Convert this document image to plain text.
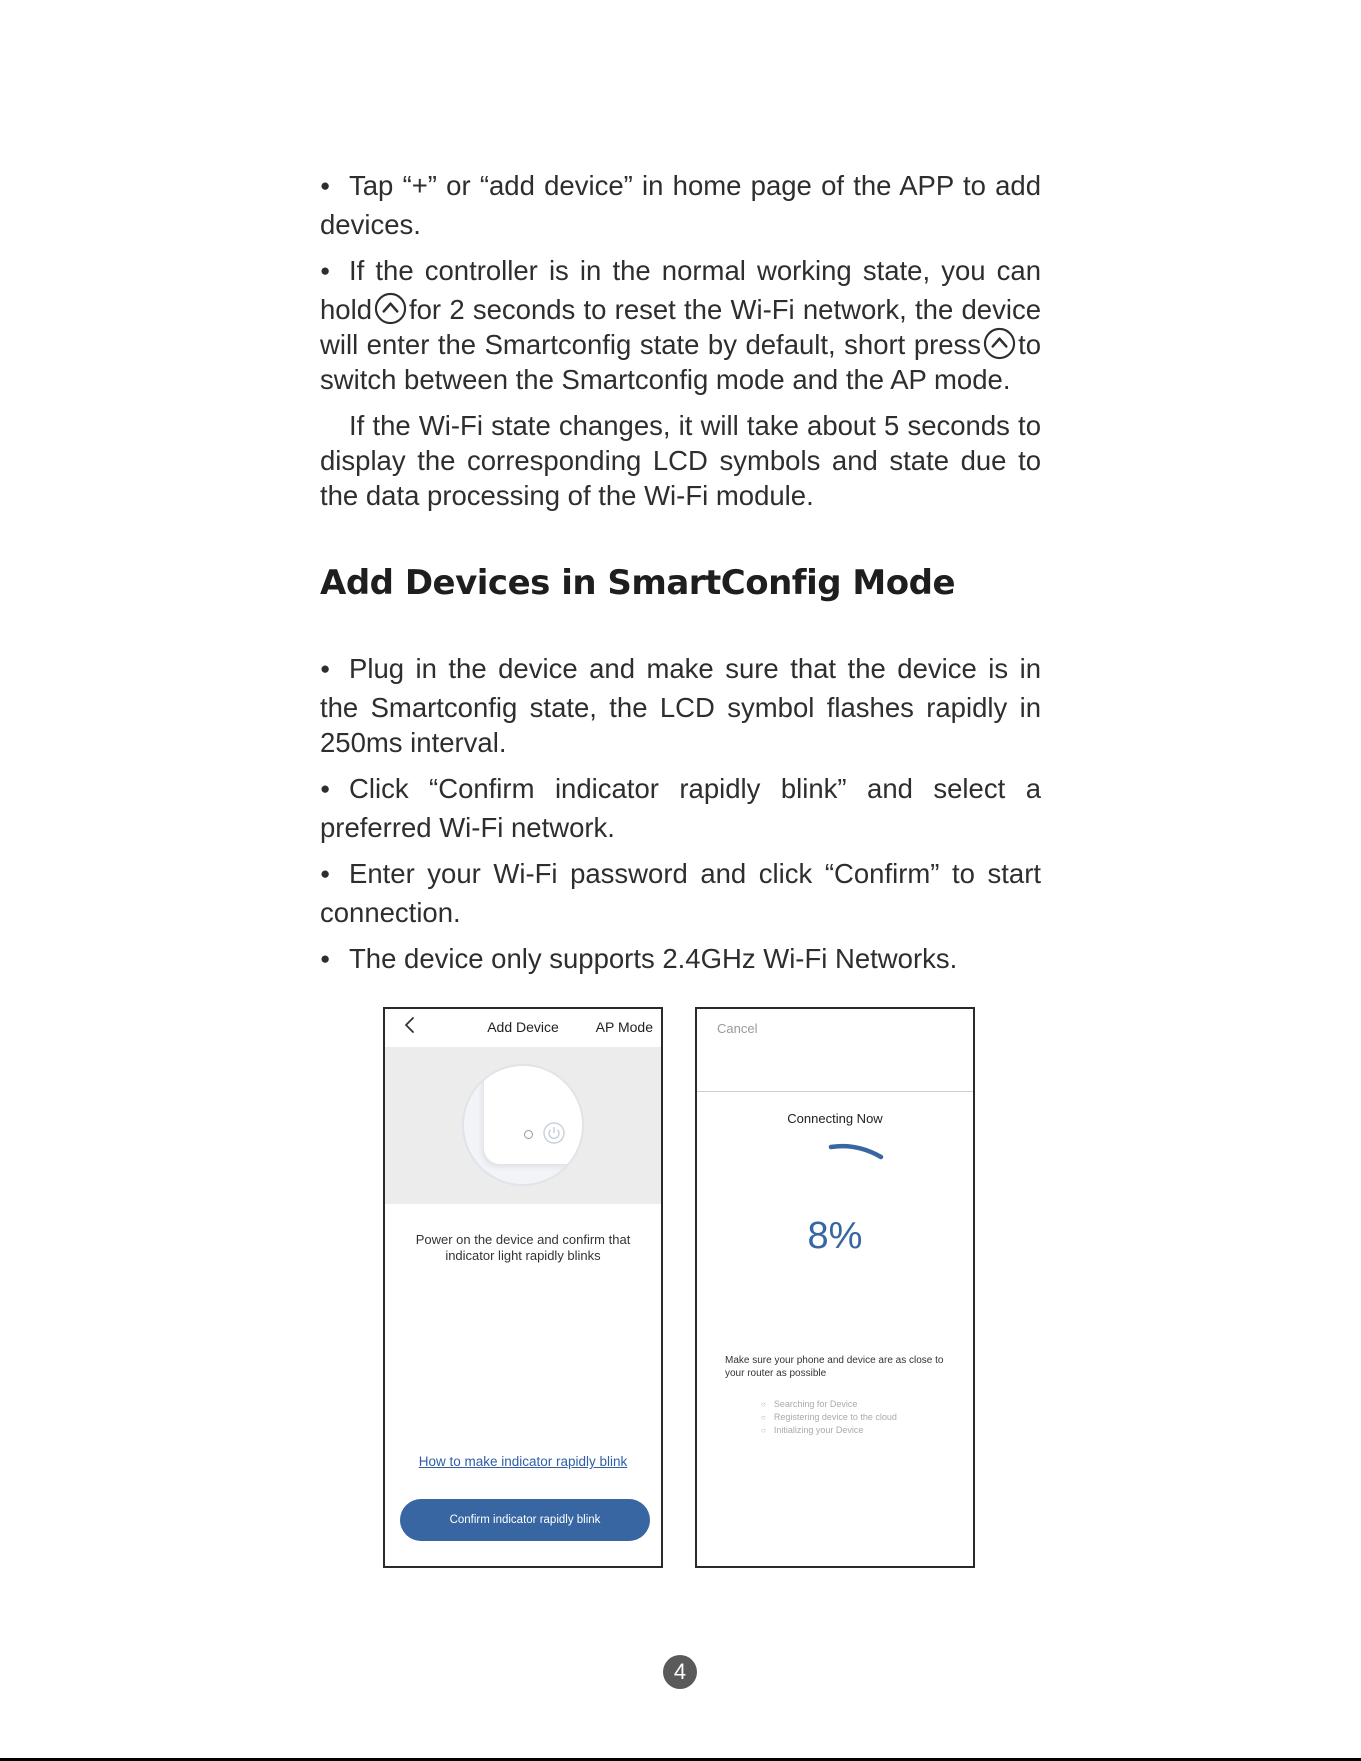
●Tap “+” or “add device” in home page of the APP to add devices.

●If the controller is in the normal working state, you can hold for 2 seconds to reset the Wi-Fi network, the device will enter the Smartconfig state by default, short press to switch between the Smartconfig mode and the AP mode.

If the Wi-Fi state changes, it will take about 5 seconds to display the corresponding LCD symbols and state due to the data processing of the Wi-Fi module.

Add Devices in SmartConfig Mode

●Plug in the device and make sure that the device is in the Smartconfig state, the LCD symbol flashes rapidly in 250ms interval.

●Click “Confirm indicator rapidly blink” and select a preferred Wi-Fi network.

●Enter your Wi-Fi password and click “Confirm” to start connection.

●The device only supports 2.4GHz Wi-Fi Networks.

Add Device	AP Mode
Power on the device and confirm that indicator light rapidly blinks
How to make indicator rapidly blink
Confirm indicator rapidly blink
Cancel
Connecting Now
8%
Make sure your phone and device are as close to your router as possible
○ Searching for Device
○ Registering device to the cloud
○ Initializing your Device
4
